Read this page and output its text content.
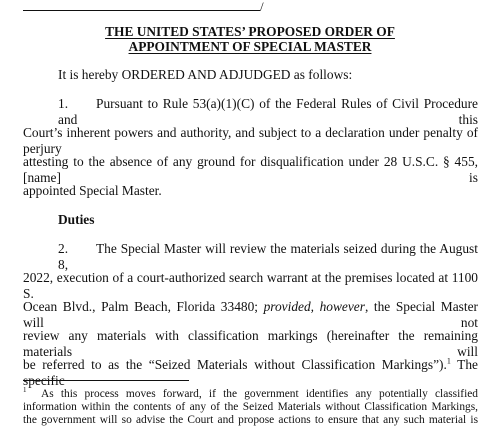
/
THE UNITED STATES’ PROPOSED ORDER OF
APPOINTMENT OF SPECIAL MASTER
It is hereby ORDERED AND ADJUDGED as follows:
1. Pursuant to Rule 53(a)(1)(C) of the Federal Rules of Civil Procedure and this
Court’s inherent powers and authority, and subject to a declaration under penalty of perjury
attesting to the absence of any ground for disqualification under 28 U.S.C. § 455, [name] is
appointed Special Master.
Duties
2. The Special Master will review the materials seized during the August 8,
2022, execution of a court-authorized search warrant at the premises located at 1100 S.
Ocean Blvd., Palm Beach, Florida 33480; provided, however, the Special Master will not
review any materials with classification markings (hereinafter the remaining materials will
be referred to as the “Seized Materials without Classification Markings”).$^1$ The specific
1 As this process moves forward, if the government identifies any potentially classified
information within the contents of any of the Seized Materials without Classification Markings,
the government will so advise the Court and propose actions to ensure that any such material is
